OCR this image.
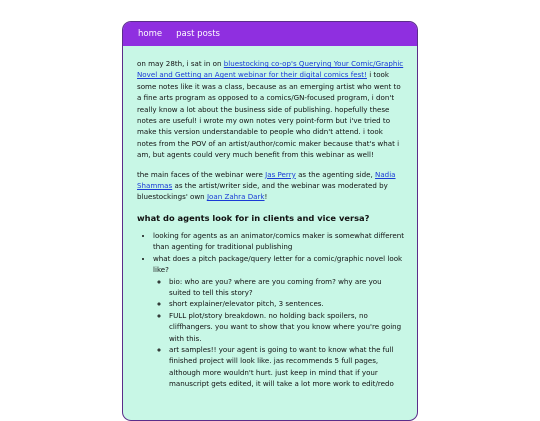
home past posts

on may 28th, i sat in on bluestocking co-op's Querying Your Comic/Graphic Novel and Getting an Agent webinar for their digital comics fest! i took some notes like it was a class, because as an emerging artist who went to a fine arts program as opposed to a comics/GN-focused program, i don't really know a lot about the business side of publishing. hopefully these notes are useful! i wrote my own notes very point-form but i've tried to make this version understandable to people who didn't attend. i took notes from the POV of an artist/author/comic maker because that's what i am, but agents could very much benefit from this webinar as well!

the main faces of the webinar were Jas Perry as the agenting side, Nadia Shammas as the artist/writer side, and the webinar was moderated by bluestockings' own Joan Zahra Dark!

what do agents look for in clients and vice versa?
• looking for agents as an animator/comics maker is somewhat different than agenting for traditional publishing
• what does a pitch package/query letter for a comic/graphic novel look like?
◦ bio: who are you? where are you coming from? why are you suited to tell this story?
◦ short explainer/elevator pitch, 3 sentences.
◦ FULL plot/story breakdown. no holding back spoilers, no cliffhangers. you want to show that you know where you're going with this.
◦ art samples!! your agent is going to want to know what the full finished project will look like. jas recommends 5 full pages, although more wouldn't hurt. just keep in mind that if your manuscript gets edited, it will take a lot more work to edit/redo
